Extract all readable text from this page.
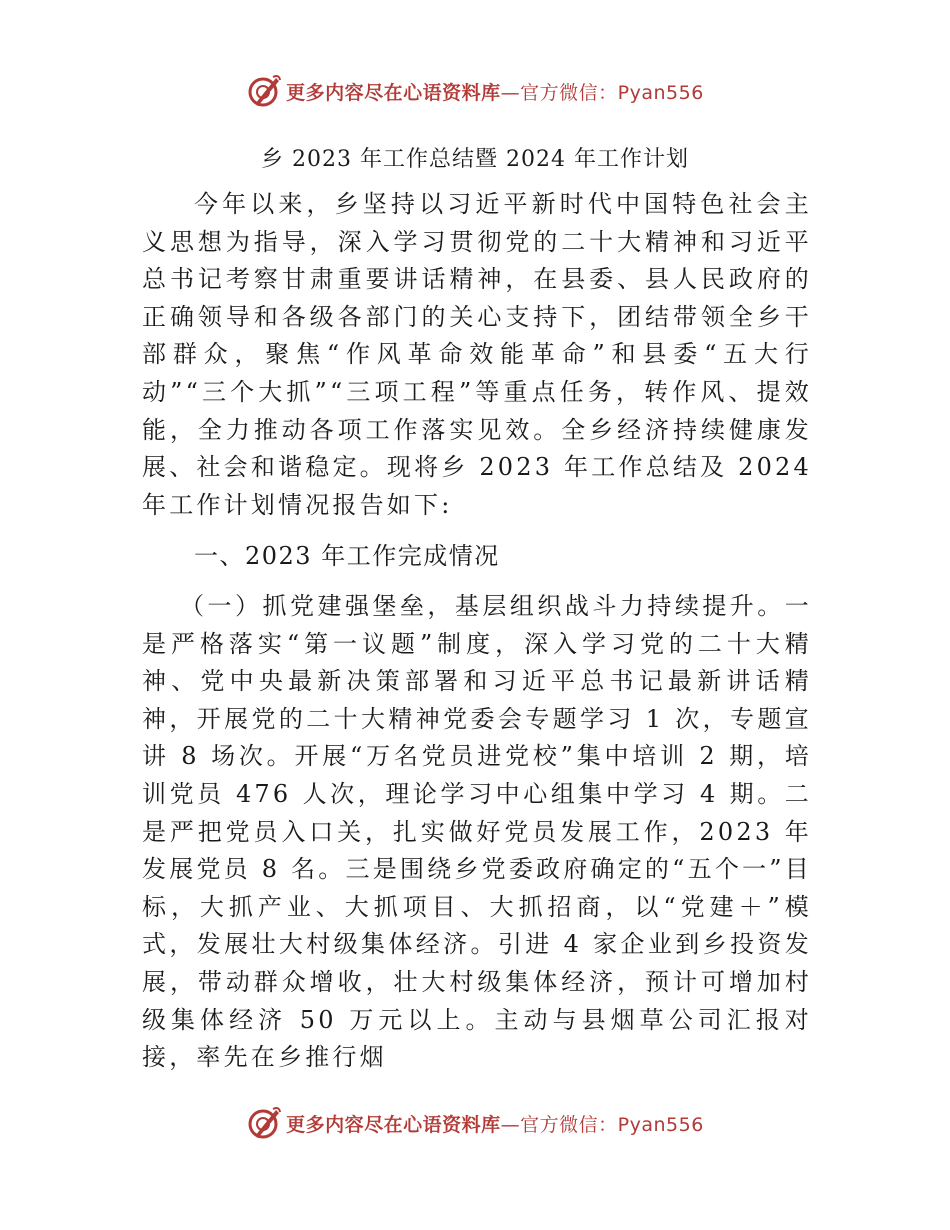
更多内容尽在心语资料库—官方微信：Pyan556
乡 2023 年工作总结暨 2024 年工作计划

今年以来，乡坚持以习近平新时代中国特色社会主义思想为指导，深入学习贯彻党的二十大精神和习近平总书记考察甘肃重要讲话精神，在县委、县人民政府的正确领导和各级各部门的关心支持下，团结带领全乡干部群众，聚焦“作风革命效能革命”和县委“五大行动”“三个大抓”“三项工程”等重点任务，转作风、提效能，全力推动各项工作落实见效。全乡经济持续健康发展、社会和谐稳定。现将乡 2023 年工作总结及 2024 年工作计划情况报告如下:

一、2023 年工作完成情况

（一）抓党建强堡垒，基层组织战斗力持续提升。一是严格落实“第一议题”制度，深入学习党的二十大精神、党中央最新决策部署和习近平总书记最新讲话精神，开展党的二十大精神党委会专题学习 1 次，专题宣讲 8 场次。开展“万名党员进党校”集中培训 2 期，培训党员 476 人次，理论学习中心组集中学习 4 期。二是严把党员入口关，扎实做好党员发展工作，2023 年发展党员 8 名。三是围绕乡党委政府确定的“五个一”目标，大抓产业、大抓项目、大抓招商，以“党建＋”模式，发展壮大村级集体经济。引进 4 家企业到乡投资发展，带动群众增收，壮大村级集体经济，预计可增加村级集体经济 50 万元以上。主动与县烟草公司汇报对接，率先在乡推行烟

更多内容尽在心语资料库—官方微信：Pyan556
